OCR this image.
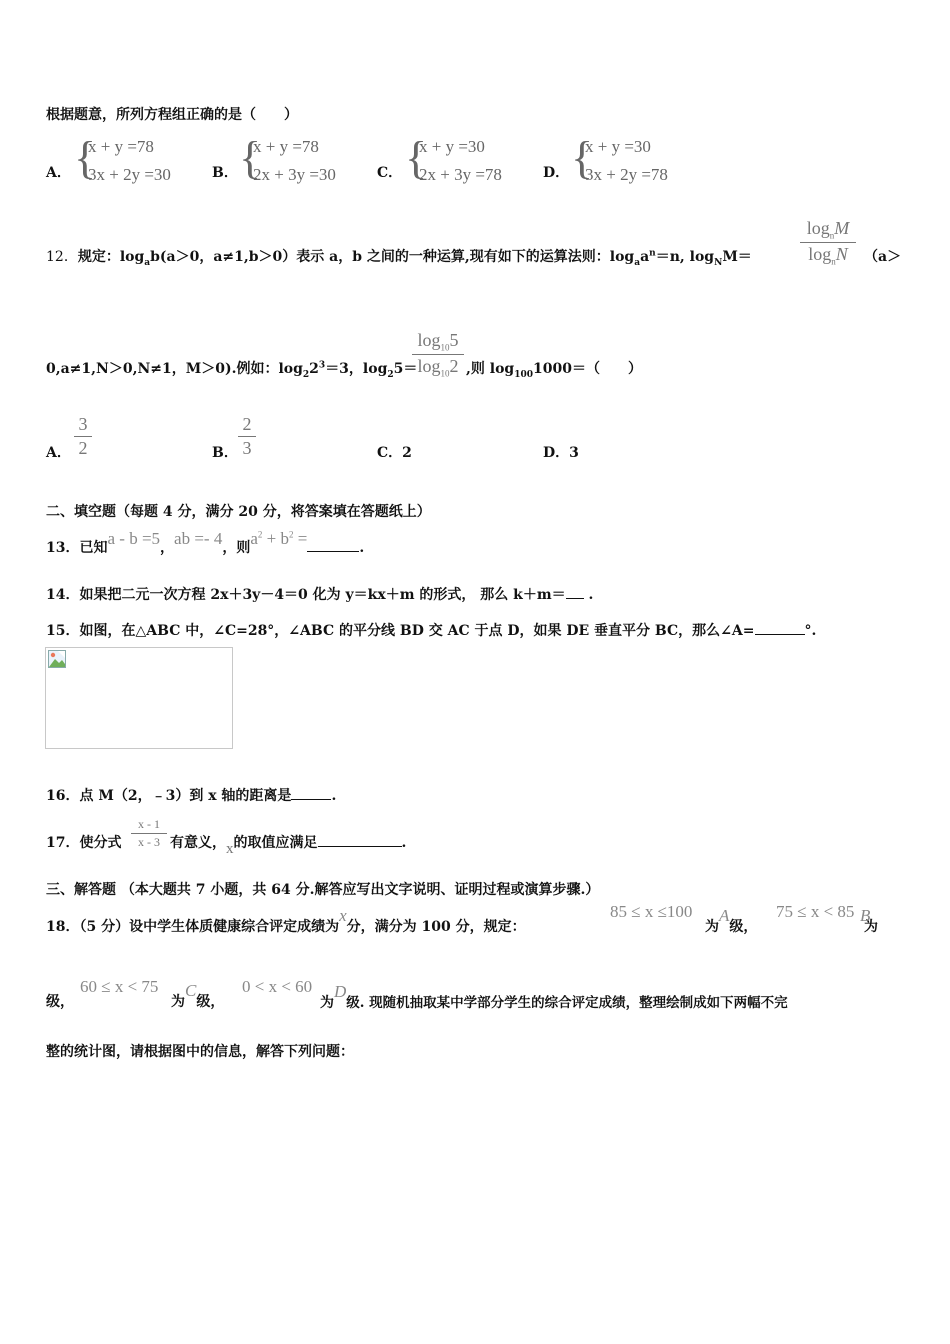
根据题意，所列方程组正确的是（　　）
A． {
x + y =78
3x + 2y =30	B． {
x + y =78
2x + 3y =30	C． {
x + y =30
2x + 3y =78	D． {
x + y =30
3x + 2y =78
12．规定：$\log_ab(a>0$，a≠1,b＞0）表示 a，b 之间的一种运算,现有如下的运算法则：$\log_aa^n=n$, $\log_NM=$
$\log_nM$
$\log_nN$	（a＞
0,a≠1,N＞0,N≠1，M＞0).例如：$\log_22^3=3$，$\log_25=$
$\log_{10}5$
$\log_{10}2$ ,则 $\log_{100}1000=$（　　）
A．
3
2	B．
2
3	C．2	D．3
二、填空题（每题 4 分，满分 20 分，将答案填在答题纸上）
13．已知a - b =5，ab =- 4，则$a^2 + b^2$ =	.
14．如果把二元一次方程 2x＋3y－4＝0 化为 y＝kx＋m 的形式， 那么 k＋m＝ .
15．如图，在△ABC 中，∠C=28°，∠ABC 的平分线 BD 交 AC 于点 D，如果 DE 垂直平分 BC，那么∠A=	°.
16．点 M（2，﹣3）到 x 轴的距离是	.
17．使分式
x - 1
x - 3 有意义，x的取值应满足	.
三、解答题 （本大题共 7 小题，共 64 分.解答应写出文字说明、证明过程或演算步骤.）
18．（5 分）设中学生体质健康综合评定成绩为x分，满分为 100 分，规定：
85 ≤ x ≤100
为A级，
75 ≤ x < 85
为B
级，
60 ≤ x < 75
为C级，
0 < x < 60
为D级. 现随机抽取某中学部分学生的综合评定成绩，整理绘制成如下两幅不完
整的统计图，请根据图中的信息，解答下列问题：
